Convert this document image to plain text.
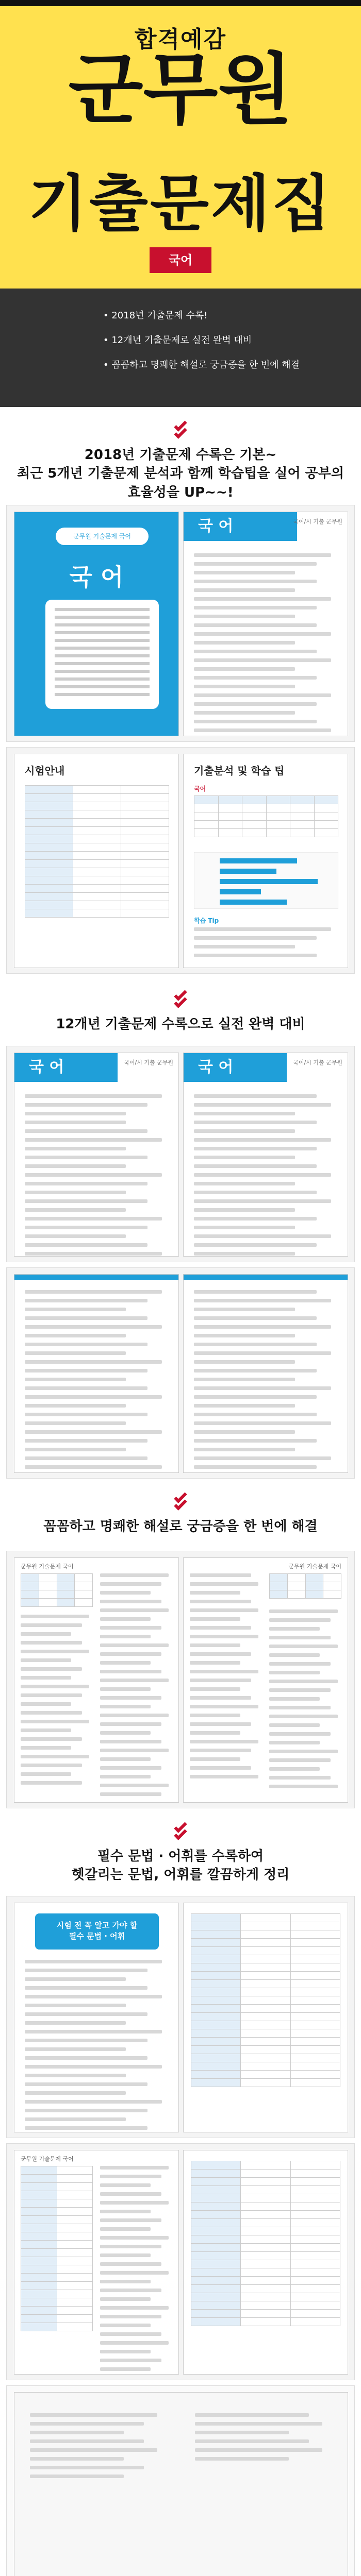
합격예감
군무원
기출문제집
국어
• 2018년 기출문제 수록!
• 12개년 기출문제로 실전 완벽 대비
• 꼼꼼하고 명쾌한 해설로 궁금증을 한 번에 해결
2018년 기출문제 수록은 기본~
최근 5개년 기출문제 분석과 함께 학습팁을 실어 공부의
효율성을 UP~~!
군무원 기술문제 국어
국 어
국 어	국어/시 기출 군무원
시험안내

			기출분석 및 학습 팁
국어

학습 Tip
12개년 기출문제 수록으로 실전 완벽 대비
국 어	국어/시 기출 군무원	국 어	국어/시 기출 군무원
꼼꼼하고 명쾌한 해설로 궁금증을 한 번에 해결
군무원 기술문제 국어

				군무원 기술문제 국어

필수 문법 · 어휘를 수록하여
헷갈리는 문법, 어휘를 깔끔하게 정리
시험 전 꼭 알고 가야 할
필수 문법 · 어휘

군무원 기술문제 국어
